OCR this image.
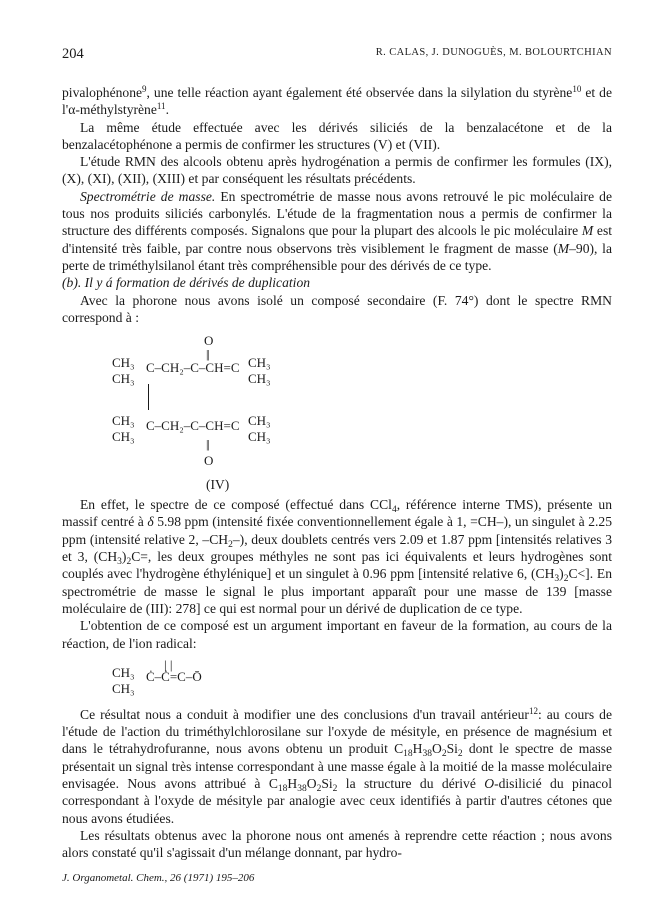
204	R. CALAS, J. DUNOGUÈS, M. BOLOURTCHIAN

pivalophénone$^9$, une telle réaction ayant également été observée dans la silylation du styrène$^{10}$ et de l'α-méthylstyrène$^{11}$.

La même étude effectuée avec les dérivés siliciés de la benzalacétone et de la benzalacétophénone a permis de confirmer les structures (V) et (VII).

L'étude RMN des alcools obtenu après hydrogénation a permis de confirmer les formules (IX), (X), (XI), (XII), (XIII) et par conséquent les résultats précédents.

Spectrométrie de masse. En spectrométrie de masse nous avons retrouvé le pic moléculaire de tous nos produits siliciés carbonylés. L'étude de la fragmentation nous a permis de confirmer la structure des différents composés. Signalons que pour la plupart des alcools le pic moléculaire M est d'intensité très faible, par contre nous observons très visiblement le fragment de masse (M–90), la perte de triméthylsilanol étant très compréhensible pour des dérivés de ce type.

(b). Il y á formation de dérivés de duplication

Avec la phorone nous avons isolé un composé secondaire (F. 74°) dont le spectre RMN correspond à :

O
||
CH₃ C–CH₂–C–CH=C CH₃
CH₃	CH₃
CH₃ C–CH₂–C–CH=C CH₃
CH₃	CH₃
||
O
(IV)

En effet, le spectre de ce composé (effectué dans CCl$_4$, référence interne TMS), présente un massif centré à δ 5.98 ppm (intensité fixée conventionnellement égale à 1, =CH–), un singulet à 2.25 ppm (intensité relative 2, $-CH_2-$), deux doublets centrés vers 2.09 et 1.87 ppm [intensités relatives 3 et 3, $(CH_3)_2C=$, les deux groupes méthyles ne sont pas ici équivalents et leurs hydrogènes sont couplés avec l'hydrogène éthylénique] et un singulet à 0.96 ppm [intensité relative 6, $(CH_3)_2C<$]. En spectrométrie de masse le signal le plus important apparaît pour une masse de 139 [masse moléculaire de (III): 278] ce qui est normal pour un dérivé de duplication de ce type.

L'obtention de ce composé est un argument important en faveur de la formation, au cours de la réaction, de l'ion radical:

| |
CH₃ Ċ–Ċ=C–Ō
CH₃

Ce résultat nous a conduit à modifier une des conclusions d'un travail antérieur$^{12}$: au cours de l'étude de l'action du triméthylchlorosilane sur l'oxyde de mésityle, en présence de magnésium et dans le tétrahydrofuranne, nous avons obtenu un produit $C_{18}H_{38}O_2Si_2$ dont le spectre de masse présentait un signal très intense correspondant à une masse égale à la moitié de la masse moléculaire envisagée. Nous avons attribué à $C_{18}H_{38}O_2Si_2$ la structure du dérivé O-disilicié du pinacol correspondant à l'oxyde de mésityle par analogie avec ceux identifiés à partir d'autres cétones que nous avons étudiées.

Les résultats obtenus avec la phorone nous ont amenés à reprendre cette réaction ; nous avons alors constaté qu'il s'agissait d'un mélange donnant, par hydro-

J. Organometal. Chem., 26 (1971) 195–206
